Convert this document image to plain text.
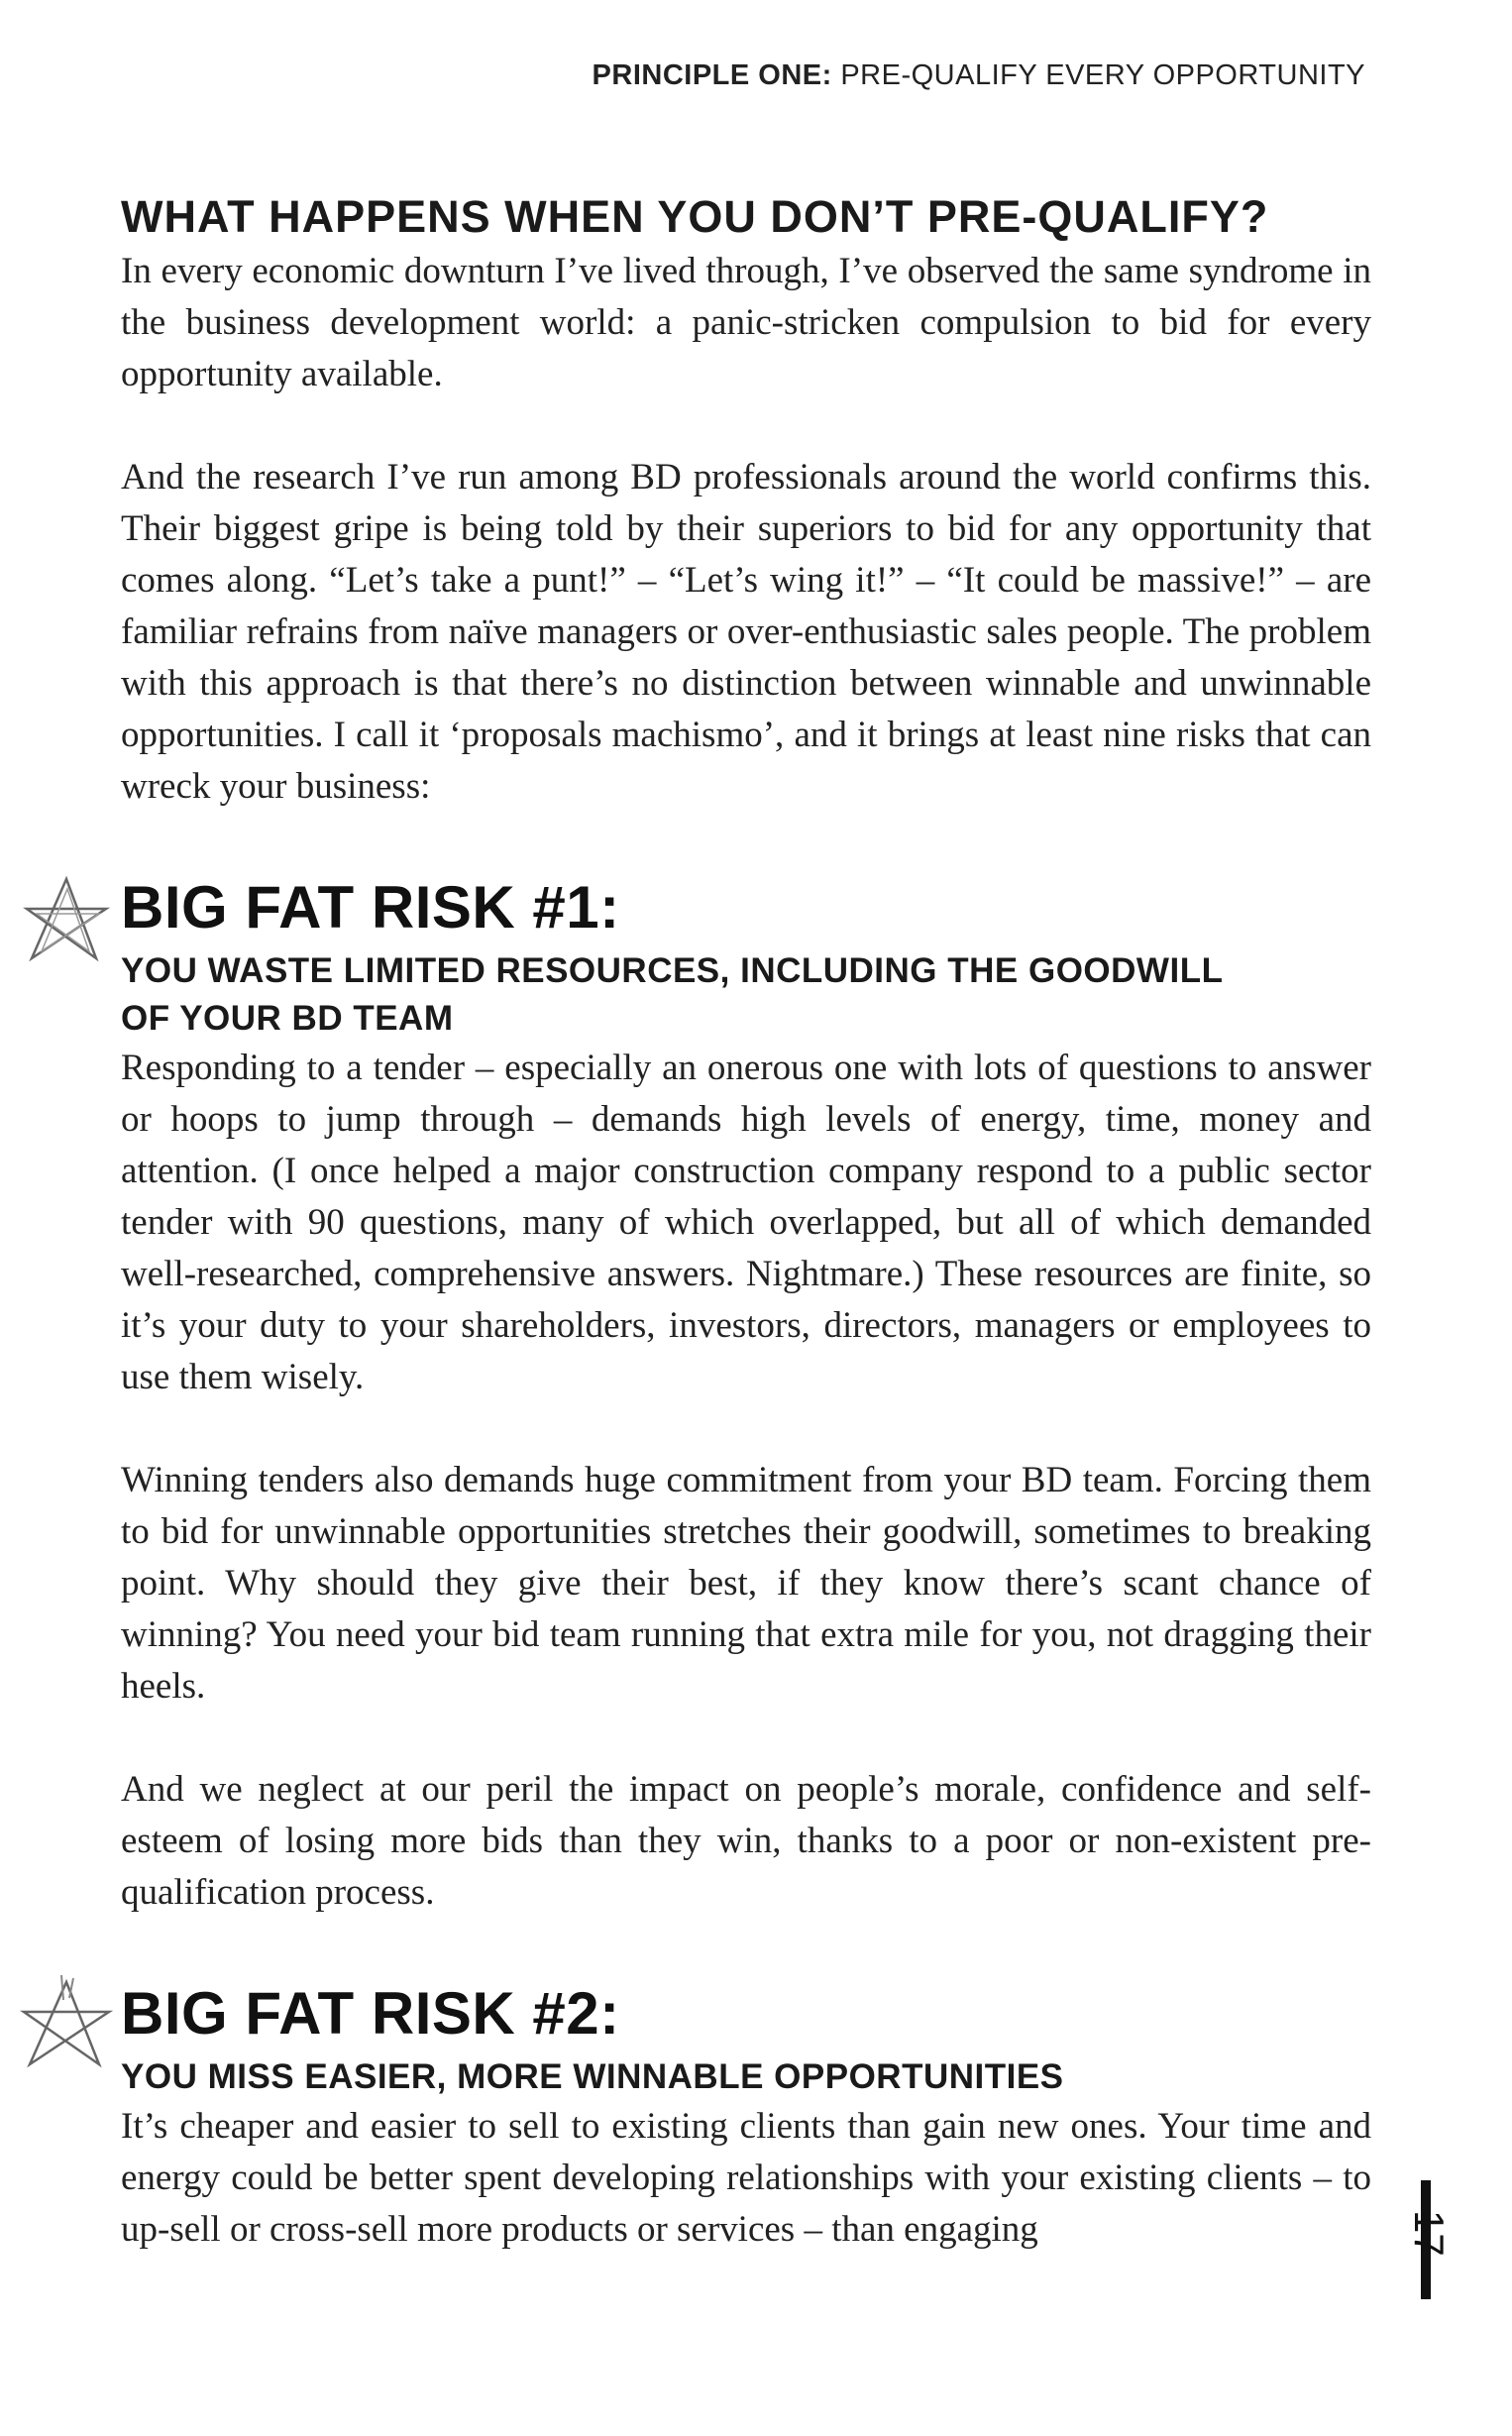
PRINCIPLE ONE: PRE-QUALIFY EVERY OPPORTUNITY
WHAT HAPPENS WHEN YOU DON’T PRE-QUALIFY?

In every economic downturn I’ve lived through, I’ve observed the same syndrome in the business development world: a panic-stricken compulsion to bid for every opportunity available.

And the research I’ve run among BD professionals around the world confirms this. Their biggest gripe is being told by their superiors to bid for any opportunity that comes along. “Let’s take a punt!” – “Let’s wing it!” – “It could be massive!” – are familiar refrains from naïve managers or over-enthusiastic sales people. The problem with this approach is that there’s no distinction between winnable and unwinnable opportunities. I call it ‘proposals machismo’, and it brings at least nine risks that can wreck your business:

BIG FAT RISK #1:
YOU WASTE LIMITED RESOURCES, INCLUDING THE GOODWILL
OF YOUR BD TEAM

Responding to a tender – especially an onerous one with lots of questions to answer or hoops to jump through – demands high levels of energy, time, money and attention. (I once helped a major construction company respond to a public sector tender with 90 questions, many of which overlapped, but all of which demanded well-researched, comprehensive answers. Nightmare.) These resources are finite, so it’s your duty to your shareholders, investors, directors, managers or employees to use them wisely.

Winning tenders also demands huge commitment from your BD team. Forcing them to bid for unwinnable opportunities stretches their goodwill, sometimes to breaking point. Why should they give their best, if they know there’s scant chance of winning? You need your bid team running that extra mile for you, not dragging their heels.

And we neglect at our peril the impact on people’s morale, confidence and self-esteem of losing more bids than they win, thanks to a poor or non-existent pre-qualification process.

BIG FAT RISK #2:
YOU MISS EASIER, MORE WINNABLE OPPORTUNITIES

It’s cheaper and easier to sell to existing clients than gain new ones. Your time and energy could be better spent developing relationships with your existing clients – to up-sell or cross-sell more products or services – than engaging	17
